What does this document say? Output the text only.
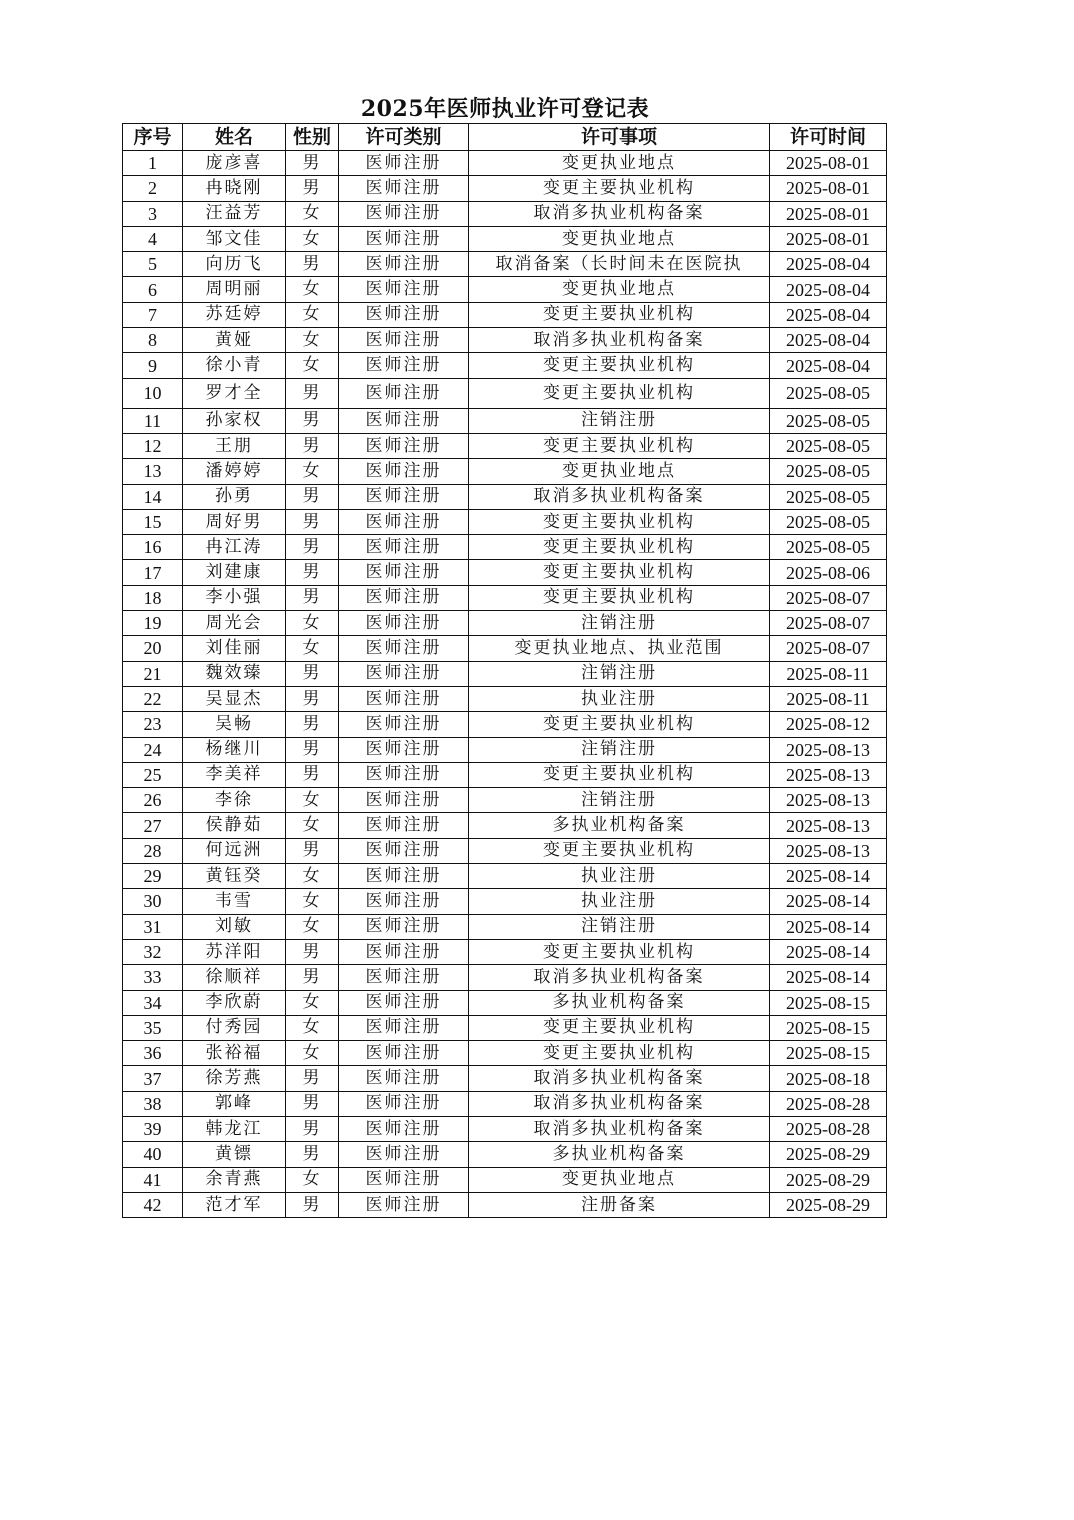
2025年医师执业许可登记表
序号	姓名	性别	许可类别	许可事项	许可时间
1	庞彦喜	男	医师注册	变更执业地点	2025-08-01
2	冉晓刚	男	医师注册	变更主要执业机构	2025-08-01
3	汪益芳	女	医师注册	取消多执业机构备案	2025-08-01
4	邹文佳	女	医师注册	变更执业地点	2025-08-01
5	向历飞	男	医师注册	取消备案（长时间未在医院执	2025-08-04
6	周明丽	女	医师注册	变更执业地点	2025-08-04
7	苏廷婷	女	医师注册	变更主要执业机构	2025-08-04
8	黄娅	女	医师注册	取消多执业机构备案	2025-08-04
9	徐小青	女	医师注册	变更主要执业机构	2025-08-04
10	罗才全	男	医师注册	变更主要执业机构	2025-08-05
11	孙家权	男	医师注册	注销注册	2025-08-05
12	王朋	男	医师注册	变更主要执业机构	2025-08-05
13	潘婷婷	女	医师注册	变更执业地点	2025-08-05
14	孙勇	男	医师注册	取消多执业机构备案	2025-08-05
15	周好男	男	医师注册	变更主要执业机构	2025-08-05
16	冉江涛	男	医师注册	变更主要执业机构	2025-08-05
17	刘建康	男	医师注册	变更主要执业机构	2025-08-06
18	李小强	男	医师注册	变更主要执业机构	2025-08-07
19	周光会	女	医师注册	注销注册	2025-08-07
20	刘佳丽	女	医师注册	变更执业地点、执业范围	2025-08-07
21	魏效臻	男	医师注册	注销注册	2025-08-11
22	吴显杰	男	医师注册	执业注册	2025-08-11
23	吴畅	男	医师注册	变更主要执业机构	2025-08-12
24	杨继川	男	医师注册	注销注册	2025-08-13
25	李美祥	男	医师注册	变更主要执业机构	2025-08-13
26	李徐	女	医师注册	注销注册	2025-08-13
27	侯静茹	女	医师注册	多执业机构备案	2025-08-13
28	何远洲	男	医师注册	变更主要执业机构	2025-08-13
29	黄钰癸	女	医师注册	执业注册	2025-08-14
30	韦雪	女	医师注册	执业注册	2025-08-14
31	刘敏	女	医师注册	注销注册	2025-08-14
32	苏洋阳	男	医师注册	变更主要执业机构	2025-08-14
33	徐顺祥	男	医师注册	取消多执业机构备案	2025-08-14
34	李欣蔚	女	医师注册	多执业机构备案	2025-08-15
35	付秀园	女	医师注册	变更主要执业机构	2025-08-15
36	张裕福	女	医师注册	变更主要执业机构	2025-08-15
37	徐芳燕	男	医师注册	取消多执业机构备案	2025-08-18
38	郭峰	男	医师注册	取消多执业机构备案	2025-08-28
39	韩龙江	男	医师注册	取消多执业机构备案	2025-08-28
40	黄镖	男	医师注册	多执业机构备案	2025-08-29
41	余青燕	女	医师注册	变更执业地点	2025-08-29
42	范才军	男	医师注册	注册备案	2025-08-29
